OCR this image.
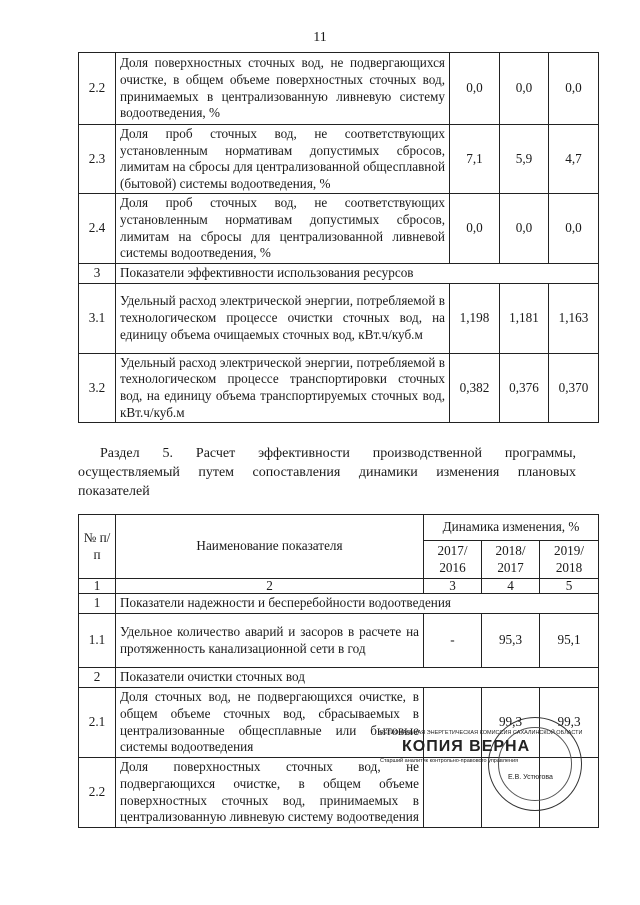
11
2.2	Доля поверхностных сточных вод, не подвергающихся очистке, в общем объеме поверхностных сточных вод, принимаемых в централизованную ливневую систему водоотведения, %	0,0	0,0	0,0
2.3	Доля проб сточных вод, не соответствующих установленным нормативам допустимых сбросов, лимитам на сбросы для централизованной общесплавной (бытовой) системы водоотведения, %	7,1	5,9	4,7
2.4	Доля проб сточных вод, не соответствующих установленным нормативам допустимых сбросов, лимитам на сбросы для централизованной ливневой системы водоотведения, %	0,0	0,0	0,0
3	Показатели эффективности использования ресурсов			
3.1	Удельный расход электрической энергии, потребляемой в технологическом процессе очистки сточных вод, на единицу объема очищаемых сточных вод, кВт.ч/куб.м	1,198	1,181	1,163
3.2	Удельный расход электрической энергии, потребляемой в технологическом процессе транспортировки сточных вод, на единицу объема транспортируемых сточных вод, кВт.ч/куб.м	0,382	0,376	0,370
Раздел 5. Расчет эффективности производственной программы, осуществляемый путем сопоставления динамики изменения плановых показателей
№ п/п	Наименование показателя	Динамика изменения, %		
		2017/ 2016	2018/ 2017	2019/ 2018
1	2	3	4	5
1	Показатели надежности и бесперебойности водоотведения			
1.1	Удельное количество аварий и засоров в расчете на протяженность канализационной сети в год	-	95,3	95,1
2	Показатели очистки сточных вод			
2.1	Доля сточных вод, не подвергающихся очистке, в общем объеме сточных вод, сбрасываемых в централизованные общесплавные или бытовые системы водоотведения		99,3	99,3
2.2	Доля поверхностных сточных вод, не подвергающихся очистке, в общем объеме поверхностных сточных вод, принимаемых в централизованную ливневую систему водоотведения			
РЕГИОНАЛЬНАЯ ЭНЕРГЕТИЧЕСКАЯ КОМИССИЯ САХАЛИНСКОЙ ОБЛАСТИ
КОПИЯ ВЕРНА
Старший аналитик контрольно-правового управления
Е.В. Устюгова
